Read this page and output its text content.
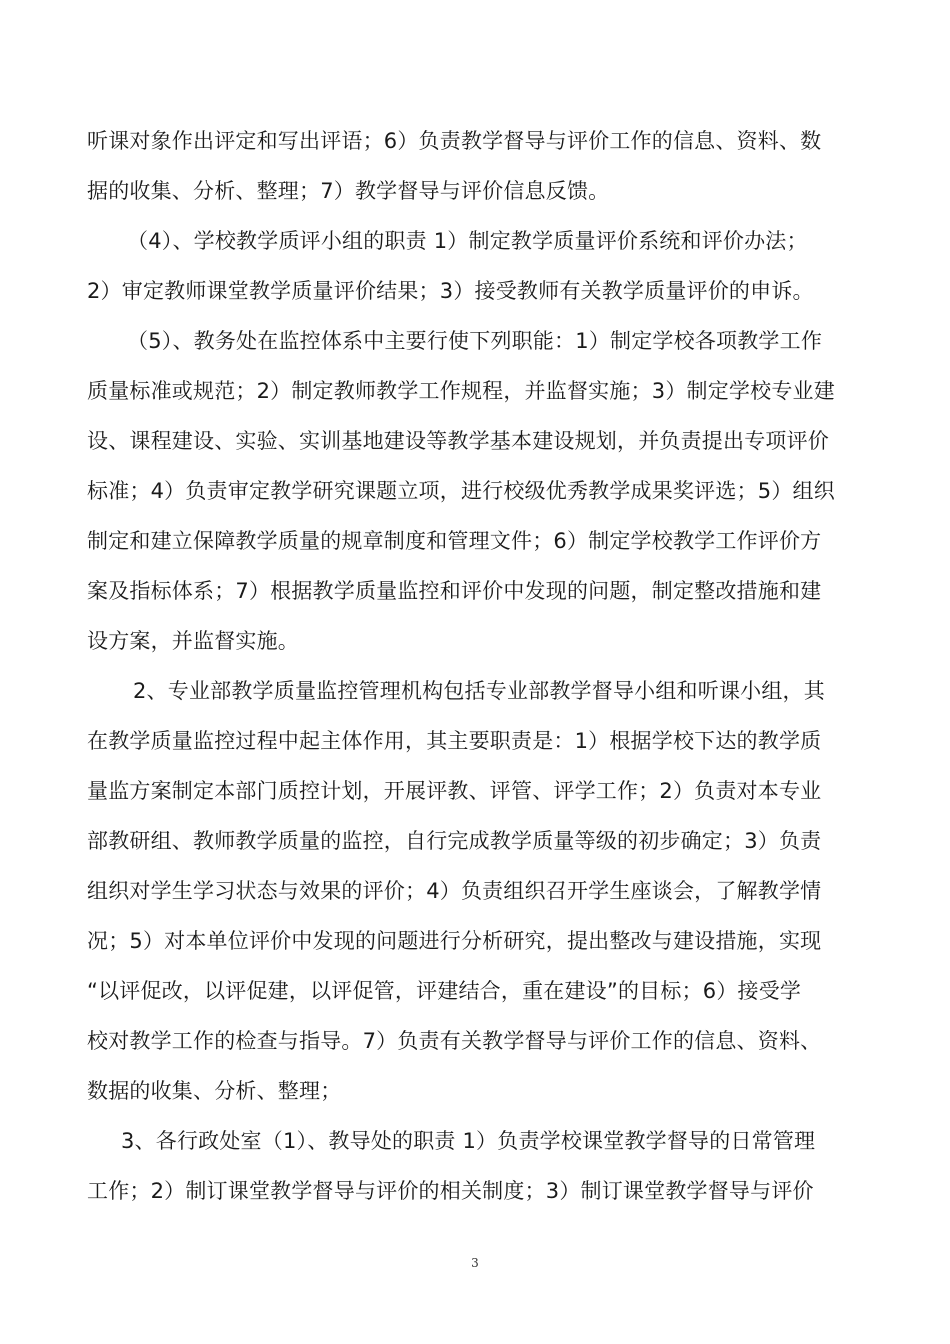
听课对象作出评定和写出评语；6）负责教学督导与评价工作的信息、资料、数
据的收集、分析、整理；7）教学督导与评价信息反馈。
（4）、学校教学质评小组的职责 1）制定教学质量评价系统和评价办法；
2）审定教师课堂教学质量评价结果；3）接受教师有关教学质量评价的申诉。
（5）、教务处在监控体系中主要行使下列职能：1）制定学校各项教学工作
质量标准或规范；2）制定教师教学工作规程，并监督实施；3）制定学校专业建
设、课程建设、实验、实训基地建设等教学基本建设规划，并负责提出专项评价
标准；4）负责审定教学研究课题立项，进行校级优秀教学成果奖评选；5）组织
制定和建立保障教学质量的规章制度和管理文件；6）制定学校教学工作评价方
案及指标体系；7）根据教学质量监控和评价中发现的问题，制定整改措施和建
设方案，并监督实施。
2、专业部教学质量监控管理机构包括专业部教学督导小组和听课小组，其
在教学质量监控过程中起主体作用，其主要职责是：1）根据学校下达的教学质
量监方案制定本部门质控计划，开展评教、评管、评学工作；2）负责对本专业
部教研组、教师教学质量的监控，自行完成教学质量等级的初步确定；3）负责
组织对学生学习状态与效果的评价；4）负责组织召开学生座谈会，了解教学情
况；5）对本单位评价中发现的问题进行分析研究，提出整改与建设措施，实现
“以评促改，以评促建，以评促管，评建结合，重在建设”的目标；6）接受学
校对教学工作的检查与指导。7）负责有关教学督导与评价工作的信息、资料、
数据的收集、分析、整理；
3、各行政处室（1）、教导处的职责 1）负责学校课堂教学督导的日常管理
工作；2）制订课堂教学督导与评价的相关制度；3）制订课堂教学督导与评价
3
